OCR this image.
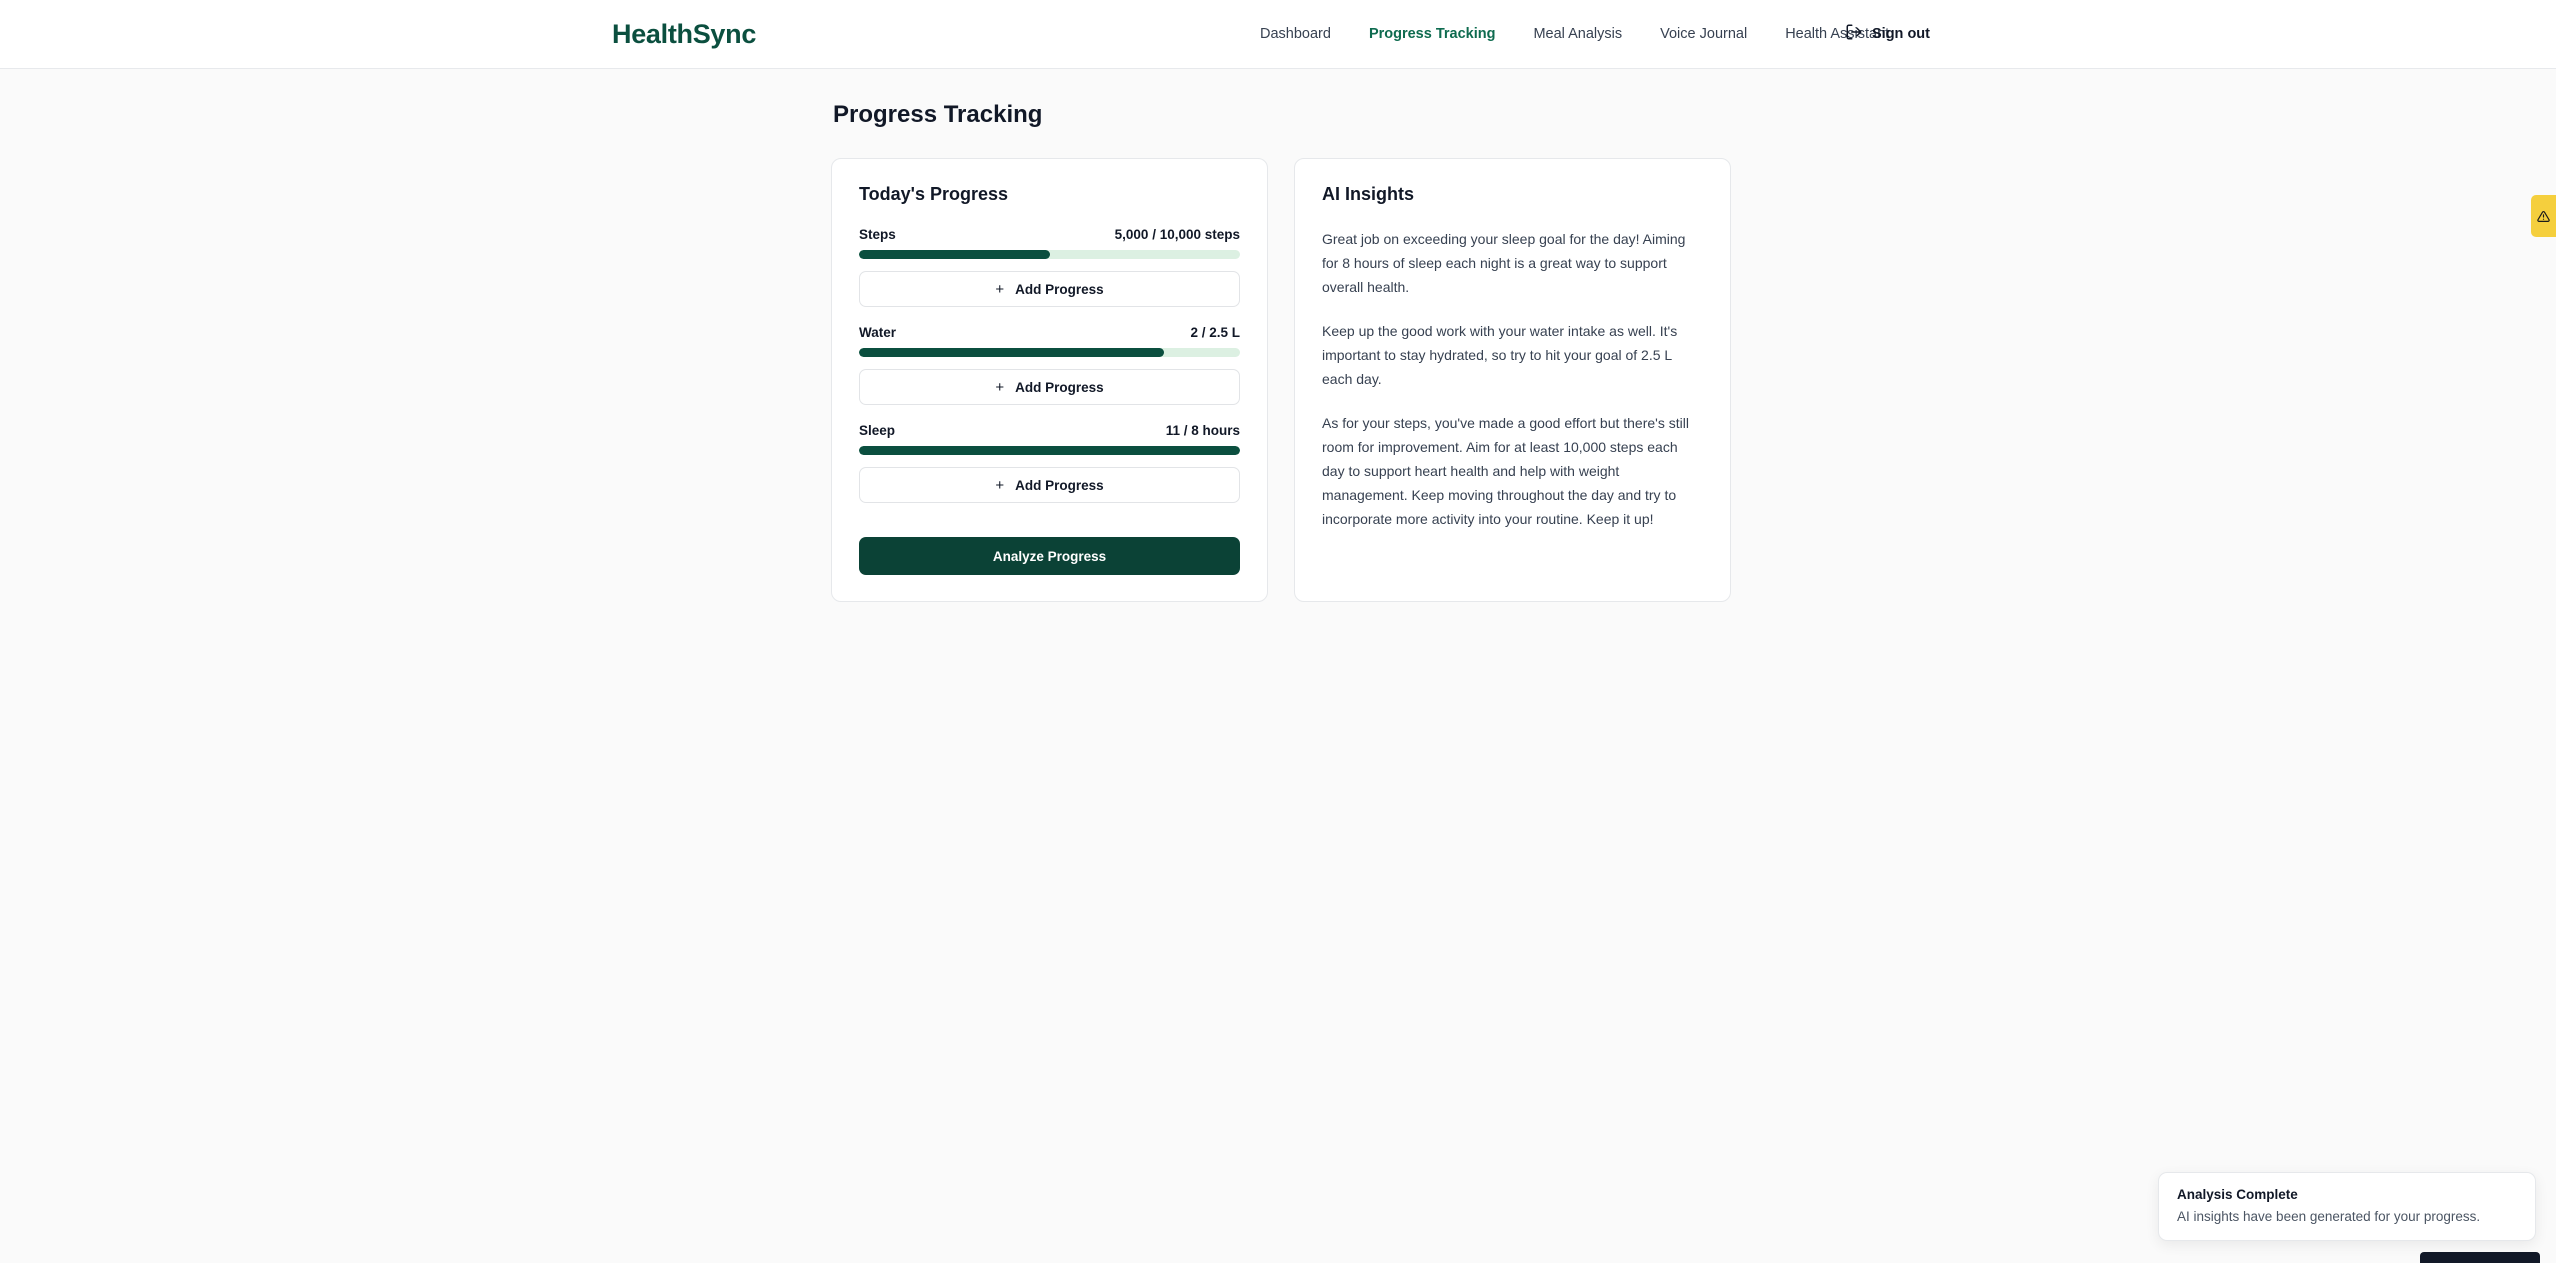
HealthSync	Dashboard	Progress Tracking	Meal Analysis	Voice Journal	Health Assistant
Sign out
Progress Tracking
Today's Progress
Steps	5,000 / 10,000 steps
+ Add Progress
Water	2 / 2.5 L
+ Add Progress
Sleep	11 / 8 hours
+ Add Progress
Analyze Progress
AI Insights

Great job on exceeding your sleep goal for the day! Aiming for 8 hours of sleep each night is a great way to support overall health.

Keep up the good work with your water intake as well. It's important to stay hydrated, so try to hit your goal of 2.5 L each day.

As for your steps, you've made a good effort but there's still room for improvement. Aim for at least 10,000 steps each day to support heart health and help with weight management. Keep moving throughout the day and try to incorporate more activity into your routine. Keep it up!

Analysis Complete
AI insights have been generated for your progress.
